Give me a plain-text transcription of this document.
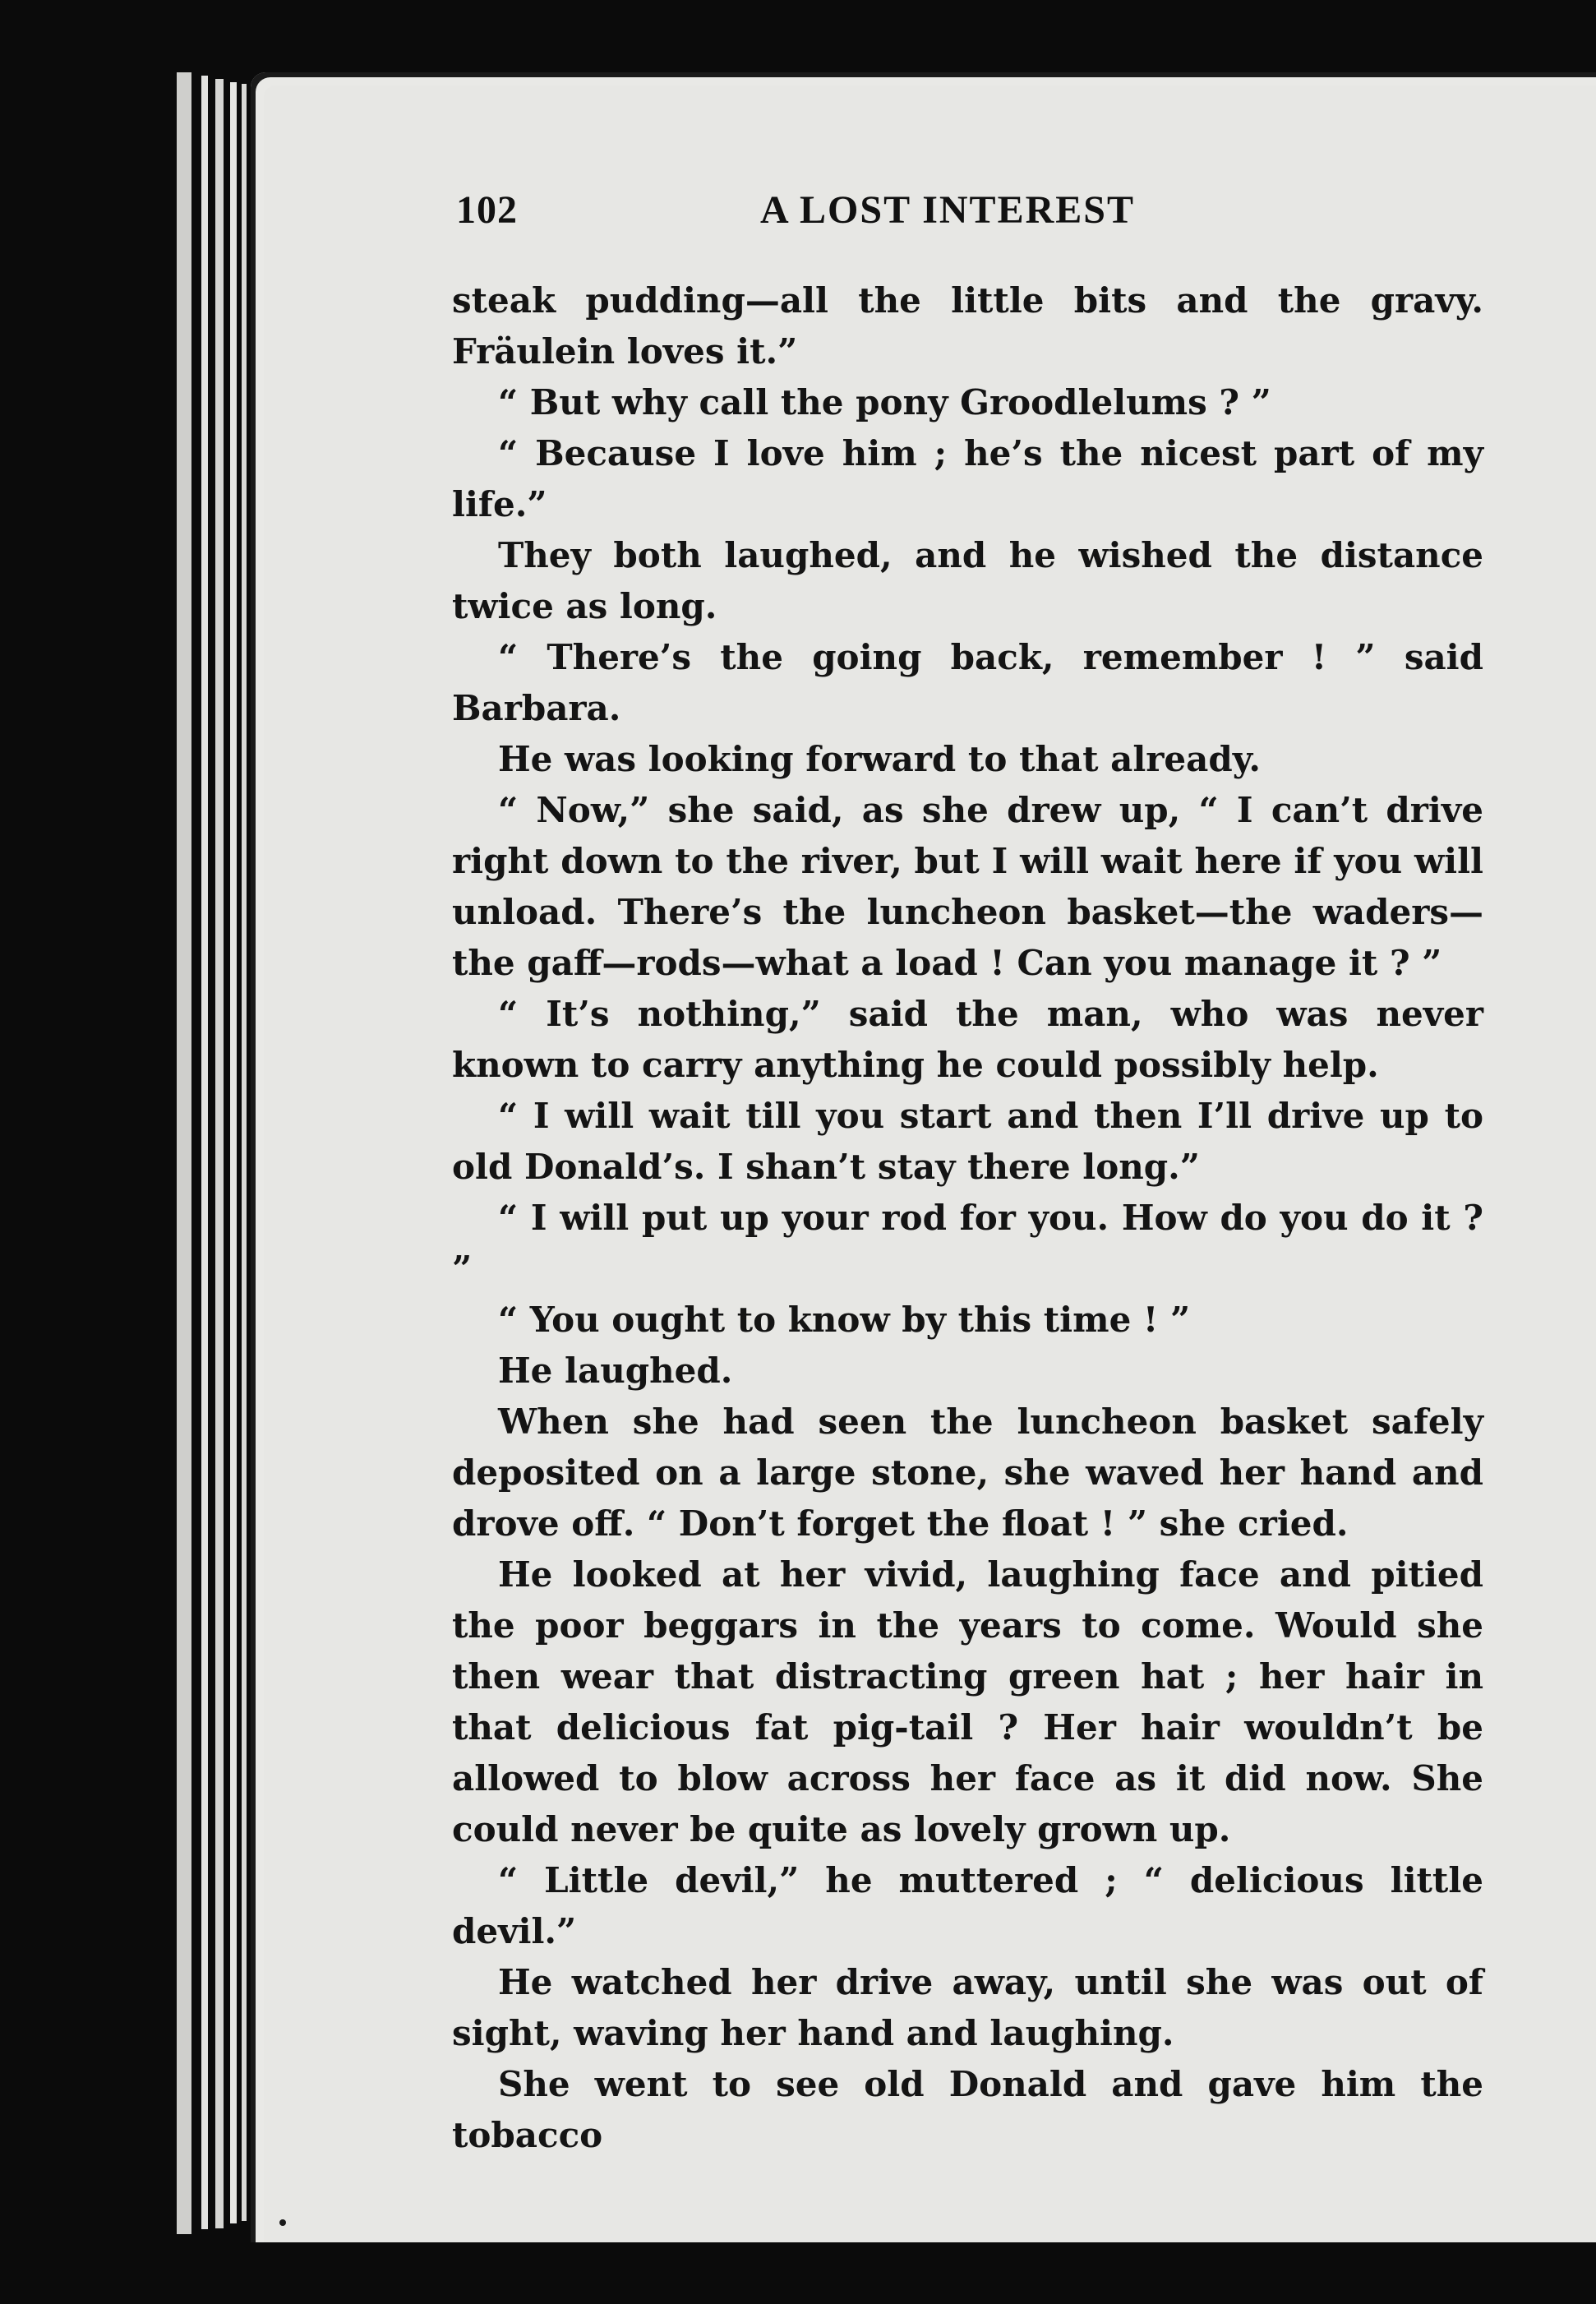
102	A LOST INTEREST

steak pudding—all the little bits and the gravy. Fräulein loves it.”

“ But why call the pony Groodlelums ? ”

“ Because I love him ; he’s the nicest part of my life.”

They both laughed, and he wished the distance twice as long.

“ There’s the going back, remember ! ” said Barbara.

He was looking forward to that already.

“ Now,” she said, as she drew up, “ I can’t drive right down to the river, but I will wait here if you will unload. There’s the luncheon basket—the waders—the gaff—rods—what a load ! Can you manage it ? ”

“ It’s nothing,” said the man, who was never known to carry anything he could possibly help.

“ I will wait till you start and then I’ll drive up to old Donald’s. I shan’t stay there long.”

“ I will put up your rod for you. How do you do it ? ”

“ You ought to know by this time ! ”

He laughed.

When she had seen the luncheon basket safely deposited on a large stone, she waved her hand and drove off. “ Don’t forget the float ! ” she cried.

He looked at her vivid, laughing face and pitied the poor beggars in the years to come. Would she then wear that distracting green hat ; her hair in that delicious fat pig-tail ? Her hair wouldn’t be allowed to blow across her face as it did now. She could never be quite as lovely grown up.

“ Little devil,” he muttered ; “ delicious little devil.”

He watched her drive away, until she was out of sight, waving her hand and laughing.

She went to see old Donald and gave him the tobacco
